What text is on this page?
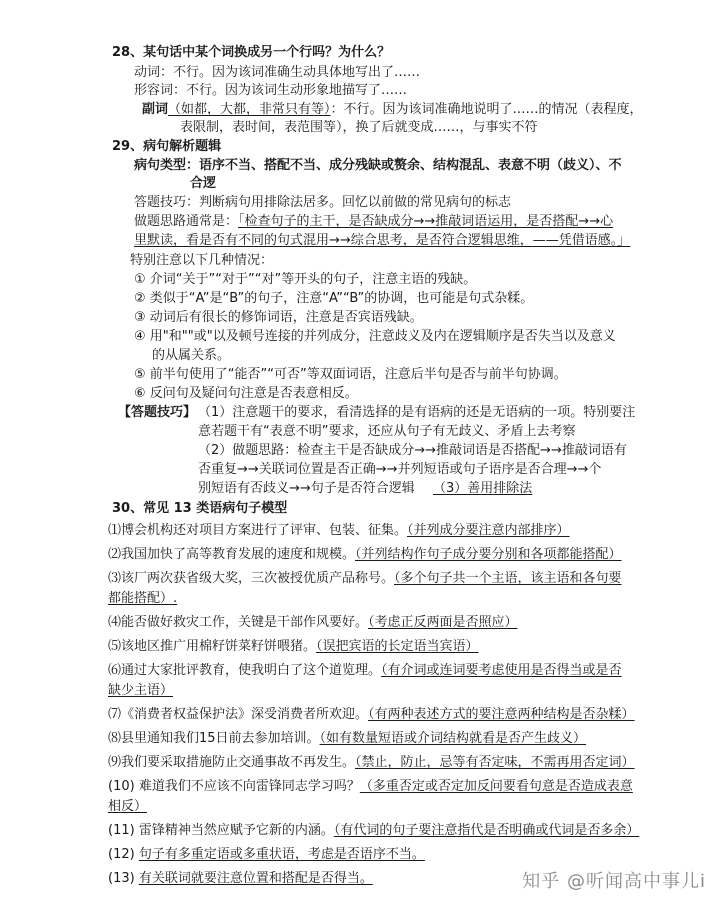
28、某句话中某个词换成另一个行吗？为什么？
动词：不行。因为该词准确生动具体地写出了……
形容词：不行。因为该词生动形象地描写了……
副词（如都，大都，非常只有等）：不行。因为该词准确地说明了……的情况（表程度，
表限制，表时间，表范围等），换了后就变成……，与事实不符
29、病句解析题辑
病句类型：语序不当、搭配不当、成分残缺或赘余、结构混乱、表意不明（歧义）、不
合逻
答题技巧：判断病句用排除法居多。回忆以前做的常见病句的标志
做题思路通常是：「检查句子的主干，是否缺成分→→推敲词语运用，是否搭配→→心
里默读，看是否有不同的句式混用→→综合思考，是否符合逻辑思维，——凭借语感。」
特别注意以下几种情况：
① 介词“关于”“对于”“对”等开头的句子，注意主语的残缺。
② 类似于“A”是“B”的句子，注意“A”“B”的协调，也可能是句式杂糅。
③ 动词后有很长的修饰词语，注意是否宾语残缺。
④ 用"和""或"以及顿号连接的并列成分，注意歧义及内在逻辑顺序是否失当以及意义
的从属关系。
⑤ 前半句使用了“能否”“可否”等双面词语，注意后半句是否与前半句协调。
⑥ 反问句及疑问句注意是否表意相反。
【答题技巧】 （1）注意题干的要求，看清选择的是有语病的还是无语病的一项。特别要注
意若题干有“表意不明”要求，还应从句子有无歧义、矛盾上去考察
（2）做题思路：检查主干是否缺成分→→推敲词语是否搭配→→推敲词语有
否重复→→关联词位置是否正确→→并列短语或句子语序是否合理→→个
别短语有否歧义→→句子是否符合逻辑 （3）善用排除法
30、常见 13 类语病句子模型
⑴博会机构还对项目方案进行了评审、包装、征集。（并列成分要注意内部排序）
⑵我国加快了高等教育发展的速度和规模。（并列结构作句子成分要分别和各项都能搭配）
⑶该厂两次获省级大奖，三次被授优质产品称号。（多个句子共一个主语，该主语和各句要
都能搭配）.
⑷能否做好救灾工作，关键是干部作风要好。（考虑正反两面是否照应）
⑸该地区推广用棉籽饼菜籽饼喂猪。（误把宾语的长定语当宾语）
⑹通过大家批评教育，使我明白了这个道览理。（有介词或连词要考虑使用是否得当或是否
缺少主语）
⑺《消费者权益保护法》深受消费者所欢迎。（有两种表述方式的要注意两种结构是否杂糅）
⑻县里通知我们15日前去参加培训。（如有数量短语或介词结构就看是否产生歧义）
⑼我们要采取措施防止交通事故不再发生。（禁止，防止，忌等有否定味，不需再用否定词）
(10) 难道我们不应该不向雷锋同志学习吗？（多重否定或否定加反问要看句意是否造成表意
相反）
(11) 雷锋精神当然应赋予它新的内涵。（有代词的句子要注意指代是否明确或代词是否多余）
(12) 句子有多重定语或多重状语，考虑是否语序不当。
(13) 有关联词就要注意位置和搭配是否得当。	知乎 @听闻高中事儿i
